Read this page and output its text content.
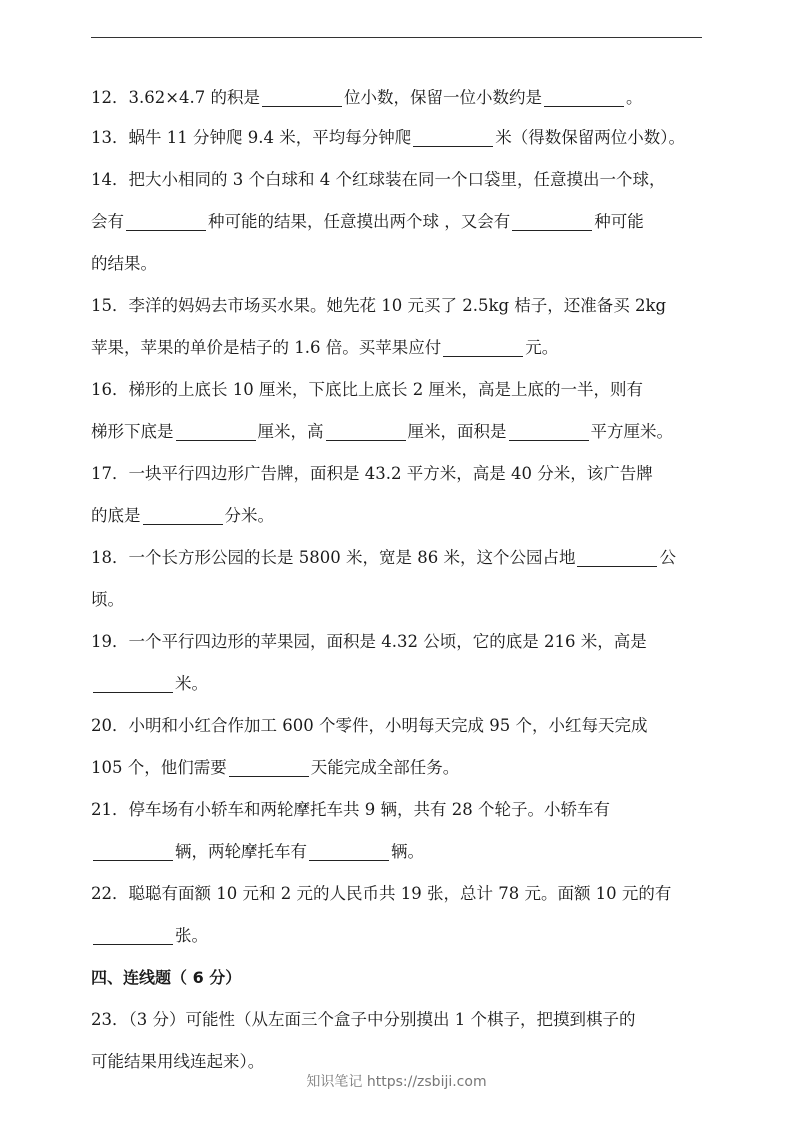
12．3.62×4.7 的积是	位小数，保留一位小数约是	。
13．蜗牛 11 分钟爬 9.4 米，平均每分钟爬	米（得数保留两位小数）。
14．把大小相同的 3 个白球和 4 个红球装在同一个口袋里，任意摸出一个球，
会有	种可能的结果，任意摸出两个球 ，又会有	种可能
的结果。
15．李洋的妈妈去市场买水果。她先花 10 元买了 2.5kg 桔子，还准备买 2kg
苹果，苹果的单价是桔子的 1.6 倍。买苹果应付	元。
16．梯形的上底长 10 厘米，下底比上底长 2 厘米，高是上底的一半，则有
梯形下底是	厘米，高	厘米，面积是	平方厘米。
17．一块平行四边形广告牌，面积是 43.2 平方米，高是 40 分米，该广告牌
的底是	分米。
18．一个长方形公园的长是 5800 米，宽是 86 米，这个公园占地	公
顷。
19．一个平行四边形的苹果园，面积是 4.32 公顷，它的底是 216 米，高是
米。
20．小明和小红合作加工 600 个零件，小明每天完成 95 个，小红每天完成
105 个，他们需要	天能完成全部任务。
21．停车场有小轿车和两轮摩托车共 9 辆，共有 28 个轮子。小轿车有
辆，两轮摩托车有	辆。
22．聪聪有面额 10 元和 2 元的人民币共 19 张，总计 78 元。面额 10 元的有
张。
四、连线题（ 6 分）
23．（3 分）可能性（从左面三个盒子中分别摸出 1 个棋子，把摸到棋子的
可能结果用线连起来）。
知识笔记 https://zsbiji.com
